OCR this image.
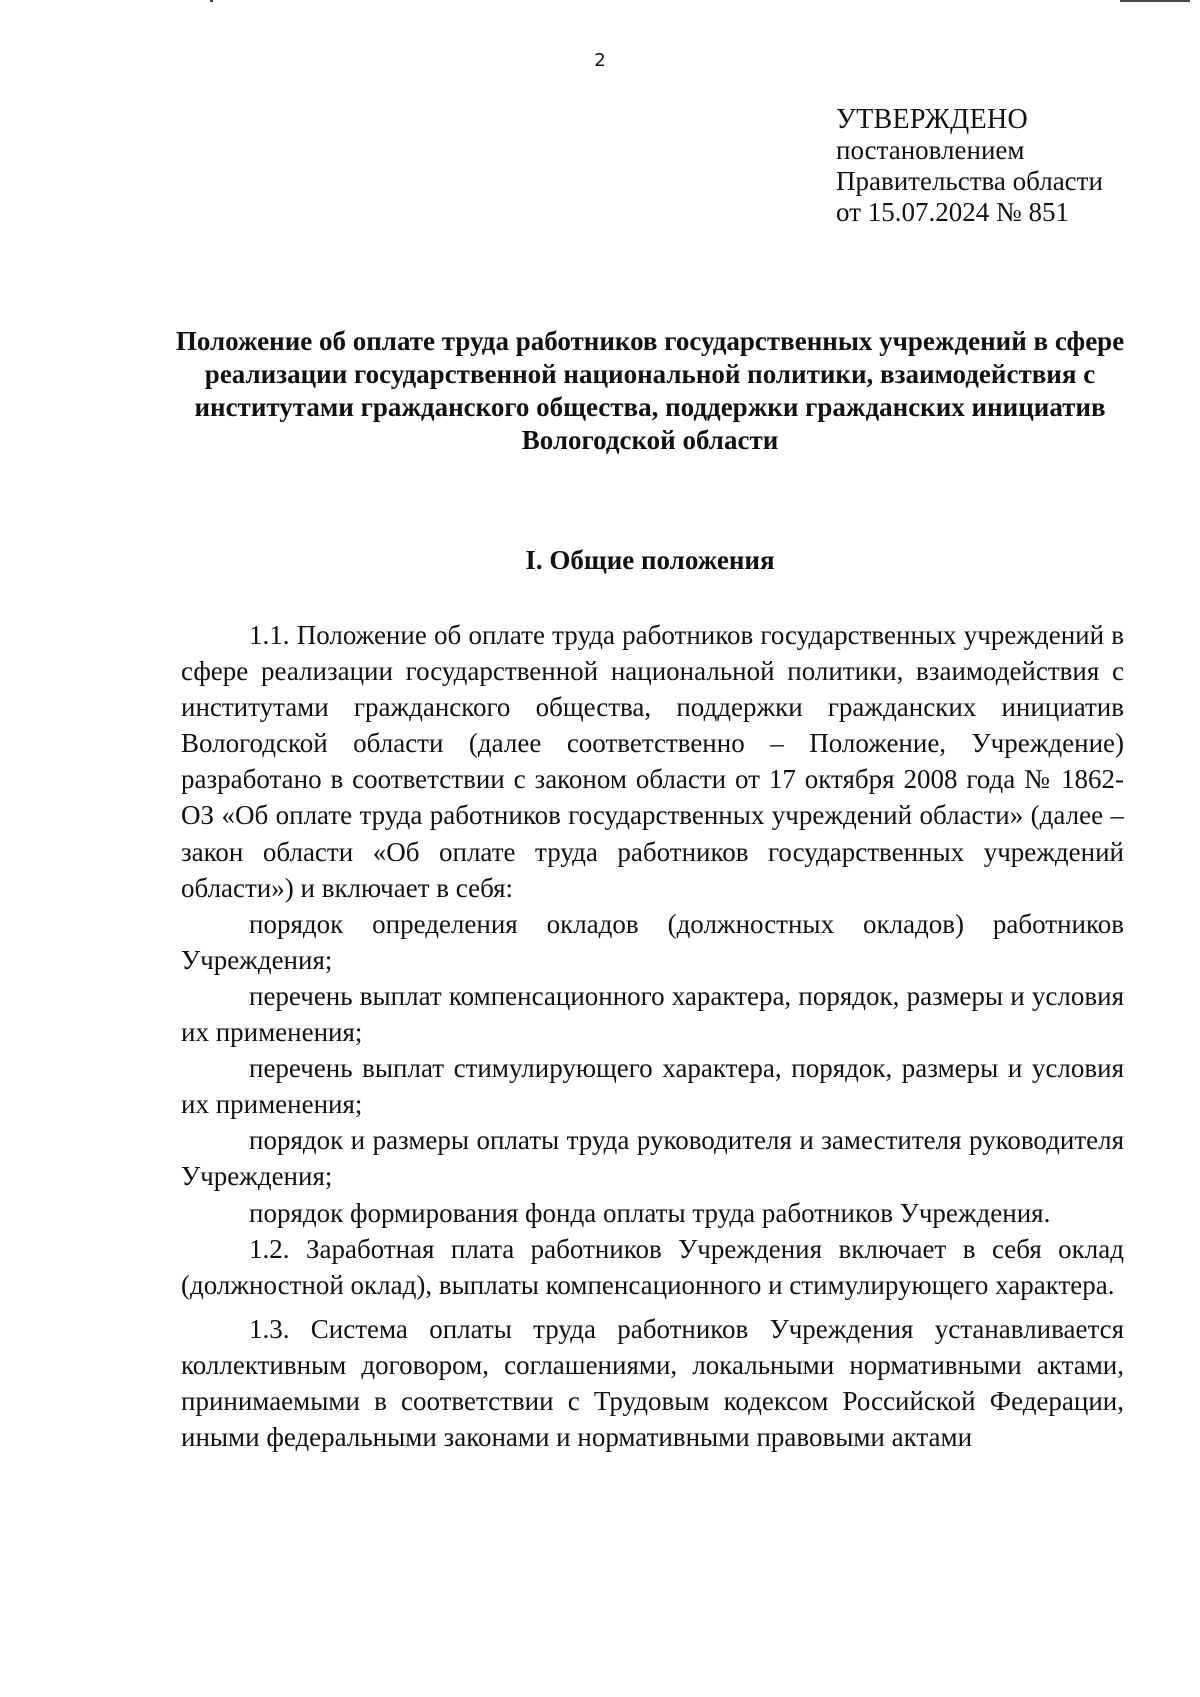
2
УТВЕРЖДЕНО
постановлением
Правительства области
от 15.07.2024 № 851
Положение об оплате труда работников государственных учреждений в сфере реализации государственной национальной политики, взаимодействия с институтами гражданского общества, поддержки гражданских инициатив Вологодской области
I. Общие положения

1.1. Положение об оплате труда работников государственных учреждений в сфере реализации государственной национальной политики, взаимодействия с институтами гражданского общества, поддержки гражданских инициатив Вологодской области (далее соответственно – Положение, Учреждение) разработано в соответствии с законом области от 17 октября 2008 года № 1862-ОЗ «Об оплате труда работников государственных учреждений области» (далее – закон области «Об оплате труда работников государственных учреждений области») и включает в себя:

порядок определения окладов (должностных окладов) работников Учреждения;

перечень выплат компенсационного характера, порядок, размеры и условия их применения;

перечень выплат стимулирующего характера, порядок, размеры и условия их применения;

порядок и размеры оплаты труда руководителя и заместителя руководителя Учреждения;

порядок формирования фонда оплаты труда работников Учреждения.

1.2. Заработная плата работников Учреждения включает в себя оклад (должностной оклад), выплаты компенсационного и стимулирующего характера.

1.3. Система оплаты труда работников Учреждения устанавливается коллективным договором, соглашениями, локальными нормативными актами, принимаемыми в соответствии с Трудовым кодексом Российской Федерации, иными федеральными законами и нормативными правовыми актами
